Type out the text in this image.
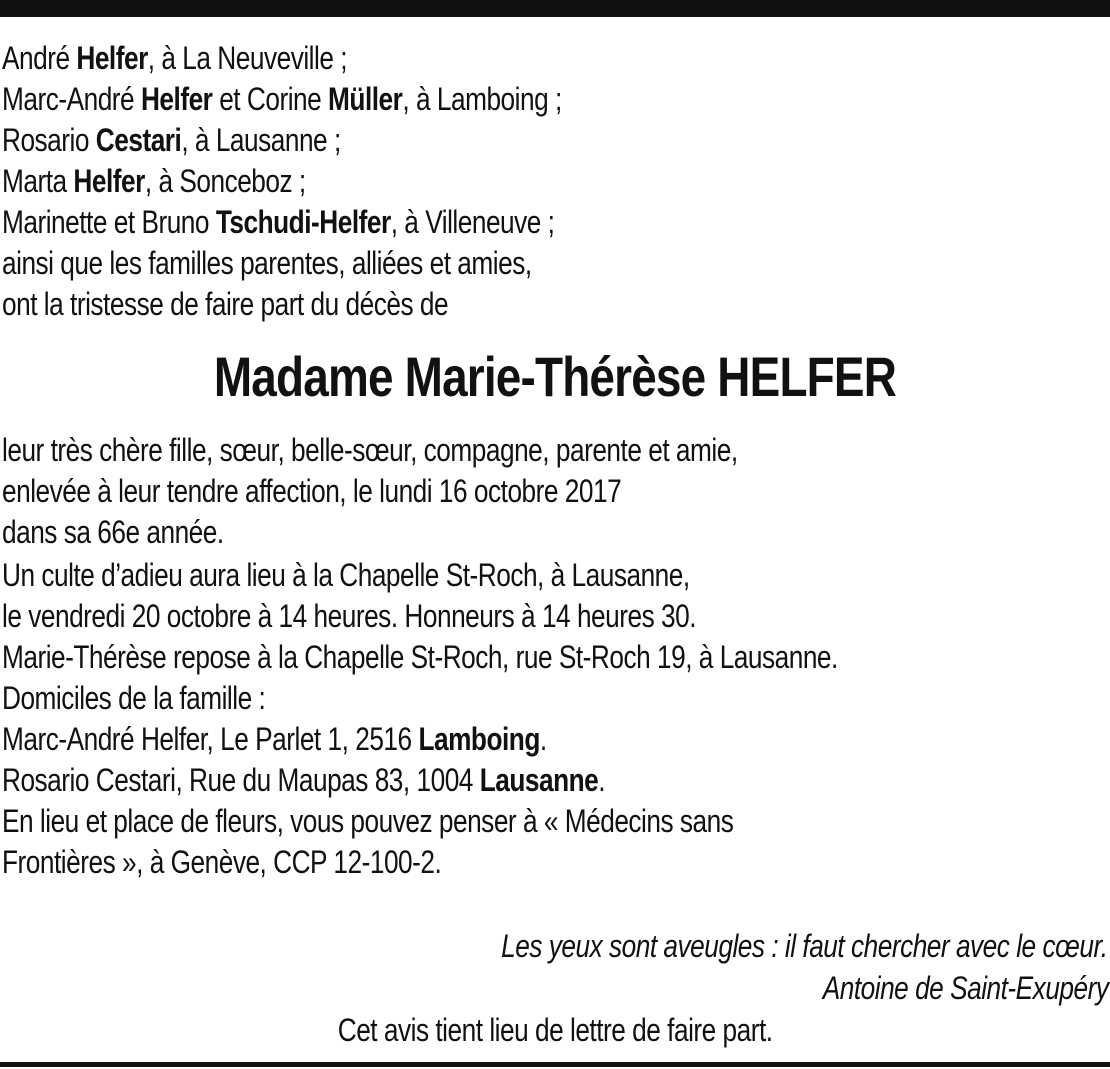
André Helfer, à La Neuveville ;
Marc-André Helfer et Corine Müller, à Lamboing ;
Rosario Cestari, à Lausanne ;
Marta Helfer, à Sonceboz ;
Marinette et Bruno Tschudi-Helfer, à Villeneuve ;
ainsi que les familles parentes, alliées et amies,
ont la tristesse de faire part du décès de
Madame Marie-Thérèse HELFER
leur très chère fille, sœur, belle-sœur, compagne, parente et amie,
enlevée à leur tendre affection, le lundi 16 octobre 2017
dans sa 66e année.
Un culte d’adieu aura lieu à la Chapelle St-Roch, à Lausanne,
le vendredi 20 octobre à 14 heures. Honneurs à 14 heures 30.
Marie-Thérèse repose à la Chapelle St-Roch, rue St-Roch 19, à Lausanne.
Domiciles de la famille :
Marc-André Helfer, Le Parlet 1, 2516 Lamboing.
Rosario Cestari, Rue du Maupas 83, 1004 Lausanne.
En lieu et place de fleurs, vous pouvez penser à « Médecins sans
Frontières », à Genève, CCP 12-100-2.
Les yeux sont aveugles : il faut chercher avec le cœur.
Antoine de Saint-Exupéry
Cet avis tient lieu de lettre de faire part.
